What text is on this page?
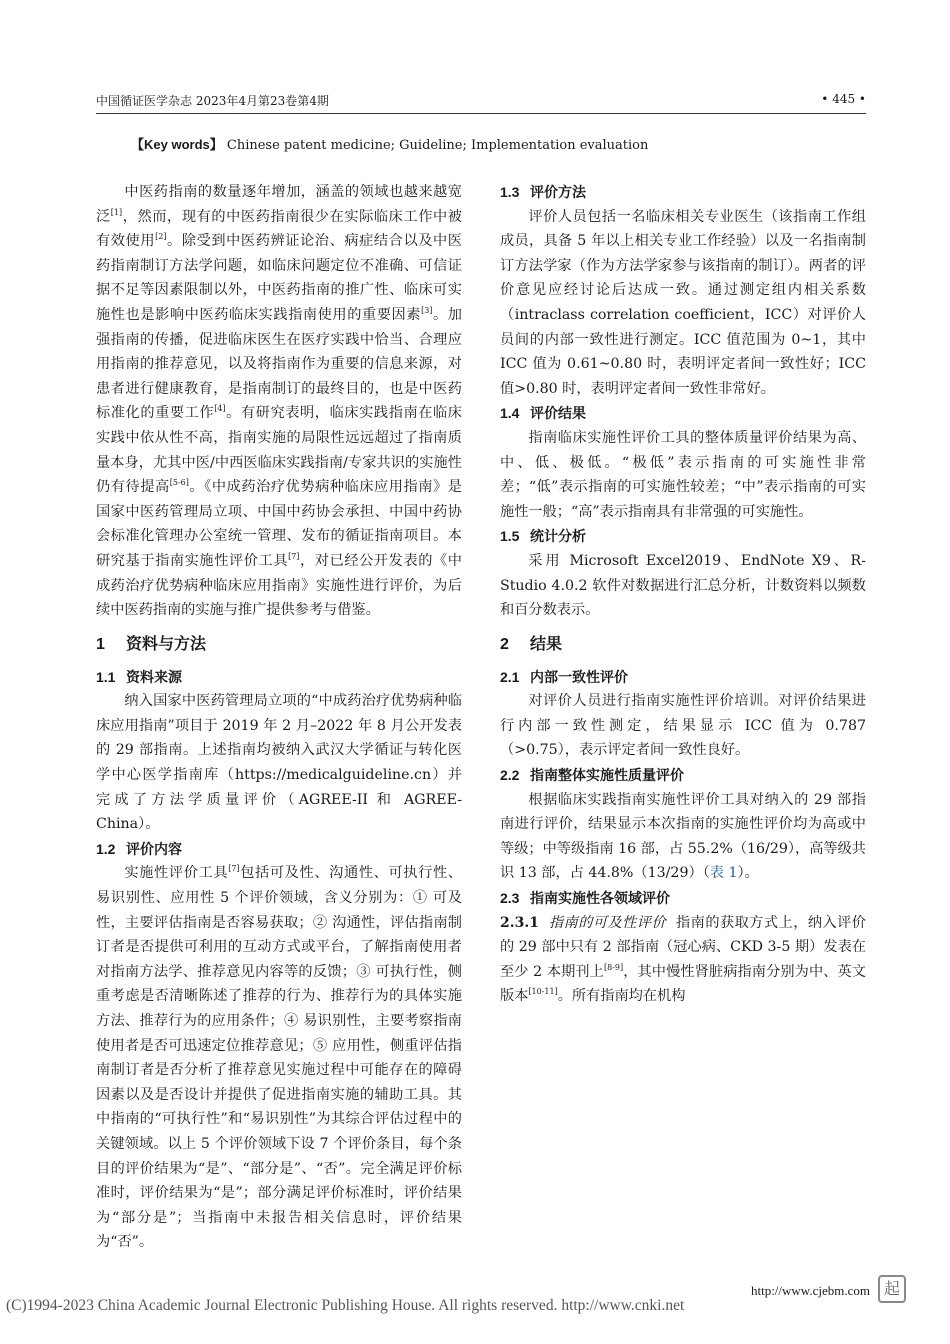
中国循证医学杂志 2023年4月第23卷第4期	• 445 •
【Key words】 Chinese patent medicine; Guideline; Implementation evaluation

中医药指南的数量逐年增加，涵盖的领域也越来越宽泛[1]，然而，现有的中医药指南很少在实际临床工作中被有效使用[2]。除受到中医药辨证论治、病症结合以及中医药指南制订方法学问题，如临床问题定位不准确、可信证据不足等因素限制以外，中医药指南的推广性、临床可实施性也是影响中医药临床实践指南使用的重要因素[3]。加强指南的传播，促进临床医生在医疗实践中恰当、合理应用指南的推荐意见，以及将指南作为重要的信息来源，对患者进行健康教育，是指南制订的最终目的，也是中医药标准化的重要工作[4]。有研究表明，临床实践指南在临床实践中依从性不高，指南实施的局限性远远超过了指南质量本身，尤其中医/中西医临床实践指南/专家共识的实施性仍有待提高[5-6]。《中成药治疗优势病种临床应用指南》是国家中医药管理局立项、中国中药协会承担、中国中药协会标准化管理办公室统一管理、发布的循证指南项目。本研究基于指南实施性评价工具[7]，对已经公开发表的《中成药治疗优势病种临床应用指南》实施性进行评价，为后续中医药指南的实施与推广提供参考与借鉴。

1 资料与方法
1.1 资料来源

纳入国家中医药管理局立项的“中成药治疗优势病种临床应用指南”项目于 2019 年 2 月–2022 年 8 月公开发表的 29 部指南。上述指南均被纳入武汉大学循证与转化医学中心医学指南库（https://medicalguideline.cn）并完成了方法学质量评价（AGREE-II 和 AGREE-China）。

1.2 评价内容

实施性评价工具[7]包括可及性、沟通性、可执行性、易识别性、应用性 5 个评价领域，含义分别为：① 可及性，主要评估指南是否容易获取；② 沟通性，评估指南制订者是否提供可利用的互动方式或平台，了解指南使用者对指南方法学、推荐意见内容等的反馈；③ 可执行性，侧重考虑是否清晰陈述了推荐的行为、推荐行为的具体实施方法、推荐行为的应用条件；④ 易识别性，主要考察指南使用者是否可迅速定位推荐意见；⑤ 应用性，侧重评估指南制订者是否分析了推荐意见实施过程中可能存在的障碍因素以及是否设计并提供了促进指南实施的辅助工具。其中指南的“可执行性”和“易识别性”为其综合评估过程中的关键领域。以上 5 个评价领域下设 7 个评价条目，每个条目的评价结果为“是”、“部分是”、“否”。完全满足评价标准时，评价结果为“是”；部分满足评价标准时，评价结果为“部分是”；当指南中未报告相关信息时，评价结果为“否”。

1.3 评价方法

评价人员包括一名临床相关专业医生（该指南工作组成员，具备 5 年以上相关专业工作经验）以及一名指南制订方法学家（作为方法学家参与该指南的制订）。两者的评价意见应经讨论后达成一致。通过测定组内相关系数（intraclass correlation coefficient，ICC）对评价人员间的内部一致性进行测定。ICC 值范围为 0~1，其中 ICC 值为 0.61~0.80 时，表明评定者间一致性好；ICC 值>0.80 时，表明评定者间一致性非常好。

1.4 评价结果

指南临床实施性评价工具的整体质量评价结果为高、中、低、极低。“极低”表示指南的可实施性非常差；“低”表示指南的可实施性较差；“中”表示指南的可实施性一般；“高”表示指南具有非常强的可实施性。

1.5 统计分析

采用 Microsoft Excel2019、EndNote X9、R-Studio 4.0.2 软件对数据进行汇总分析，计数资料以频数和百分数表示。

2 结果
2.1 内部一致性评价

对评价人员进行指南实施性评价培训。对评价结果进行内部一致性测定，结果显示 ICC 值为 0.787（>0.75），表示评定者间一致性良好。

2.2 指南整体实施性质量评价

根据临床实践指南实施性评价工具对纳入的 29 部指南进行评价，结果显示本次指南的实施性评价均为高或中等级；中等级指南 16 部，占 55.2%（16/29），高等级共识 13 部，占 44.8%（13/29）（表 1）。

2.3 指南实施性各领域评价

2.3.1 指南的可及性评价 指南的获取方式上，纳入评价的 29 部中只有 2 部指南（冠心病、CKD 3-5 期）发表在至少 2 本期刊上[8-9]，其中慢性肾脏病指南分别为中、英文版本[10-11]。所有指南均在机构

http://www.cjebm.com 起
(C)1994-2023 China Academic Journal Electronic Publishing House. All rights reserved. http://www.cnki.net
